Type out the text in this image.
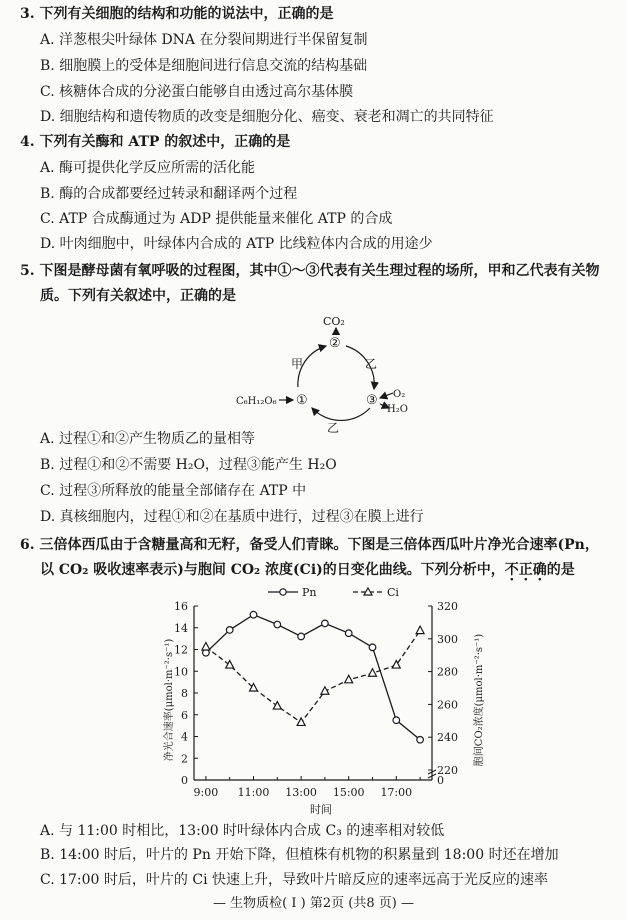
3. 下列有关细胞的结构和功能的说法中，正确的是
A. 洋葱根尖叶绿体 DNA 在分裂间期进行半保留复制
B. 细胞膜上的受体是细胞间进行信息交流的结构基础
C. 核糖体合成的分泌蛋白能够自由透过高尔基体膜
D. 细胞结构和遗传物质的改变是细胞分化、癌变、衰老和凋亡的共同特征
4. 下列有关酶和 ATP 的叙述中，正确的是
A. 酶可提供化学反应所需的活化能
B. 酶的合成都要经过转录和翻译两个过程
C. ATP 合成酶通过为 ADP 提供能量来催化 ATP 的合成
D. 叶肉细胞中，叶绿体内合成的 ATP 比线粒体内合成的用途少
5. 下图是酵母菌有氧呼吸的过程图，其中①～③代表有关生理过程的场所，甲和乙代表有关物
质。下列有关叙述中，正确的是
CO₂
②
①	③
甲	乙
乙
C₆H₁₂O₆
O₂
H₂O
A. 过程①和②产生物质乙的量相等
B. 过程①和②不需要 H₂O，过程③能产生 H₂O
C. 过程③所释放的能量全部储存在 ATP 中
D. 真核细胞内，过程①和②在基质中进行，过程③在膜上进行
6. 三倍体西瓜由于含糖量高和无籽，备受人们青睐。下图是三倍体西瓜叶片净光合速率(Pn，
以 CO₂ 吸收速率表示)与胞间 CO₂ 浓度(Ci)的日变化曲线。下列分析中，不正确的是
净光合速率(μmol·m⁻²·s⁻¹)	胞间CO₂浓度(μmol·m⁻²·s⁻¹)
时间
Pn	Ci
0
2
4
6
8
10
12
14
16
0
220
240
260
280
300
320
9:00 11:00 13:00 15:00 17:00
A. 与 11:00 时相比，13:00 时叶绿体内合成 C₃ 的速率相对较低
B. 14:00 时后，叶片的 Pn 开始下降，但植株有机物的积累量到 18:00 时还在增加
C. 17:00 时后，叶片的 Ci 快速上升，导致叶片暗反应的速率远高于光反应的速率
— 生物质检( I ) 第2页 (共8 页) —
